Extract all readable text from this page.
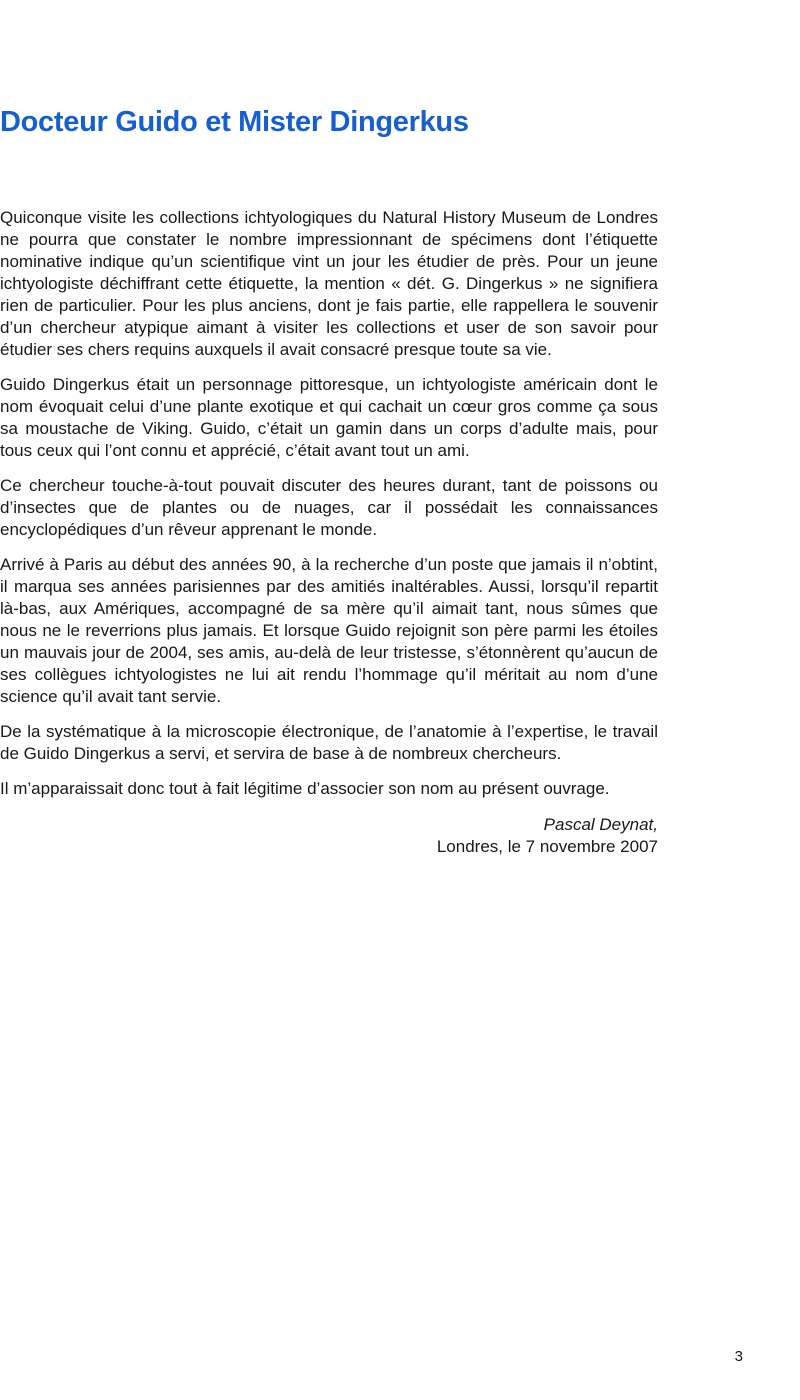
Docteur Guido et Mister Dingerkus

Quiconque visite les collections ichtyologiques du Natural History Museum de Londres ne pourra que constater le nombre impressionnant de spécimens dont l’étiquette nominative indique qu’un scientifique vint un jour les étudier de près. Pour un jeune ichtyologiste déchiffrant cette étiquette, la mention « dét. G. Dingerkus » ne signifiera rien de particulier. Pour les plus anciens, dont je fais partie, elle rappellera le souvenir d’un chercheur atypique aimant à visiter les collections et user de son savoir pour étudier ses chers requins auxquels il avait consacré presque toute sa vie.

Guido Dingerkus était un personnage pittoresque, un ichtyologiste américain dont le nom évoquait celui d’une plante exotique et qui cachait un cœur gros comme ça sous sa moustache de Viking. Guido, c’était un gamin dans un corps d’adulte mais, pour tous ceux qui l’ont connu et apprécié, c’était avant tout un ami.

Ce chercheur touche-à-tout pouvait discuter des heures durant, tant de poissons ou d’insectes que de plantes ou de nuages, car il possédait les connaissances encyclopédiques d’un rêveur apprenant le monde.

Arrivé à Paris au début des années 90, à la recherche d’un poste que jamais il n’obtint, il marqua ses années parisiennes par des amitiés inaltérables. Aussi, lorsqu’il repartit là-bas, aux Amériques, accompagné de sa mère qu’il aimait tant, nous sûmes que nous ne le reverrions plus jamais. Et lorsque Guido rejoignit son père parmi les étoiles un mauvais jour de 2004, ses amis, au-delà de leur tristesse, s’étonnèrent qu’aucun de ses collègues ichtyologistes ne lui ait rendu l’hommage qu’il méritait au nom d’une science qu’il avait tant servie.

De la systématique à la microscopie électronique, de l’anatomie à l’expertise, le travail de Guido Dingerkus a servi, et servira de base à de nombreux chercheurs.

Il m’apparaissait donc tout à fait légitime d’associer son nom au présent ouvrage.

Pascal Deynat,
Londres, le 7 novembre 2007
3
